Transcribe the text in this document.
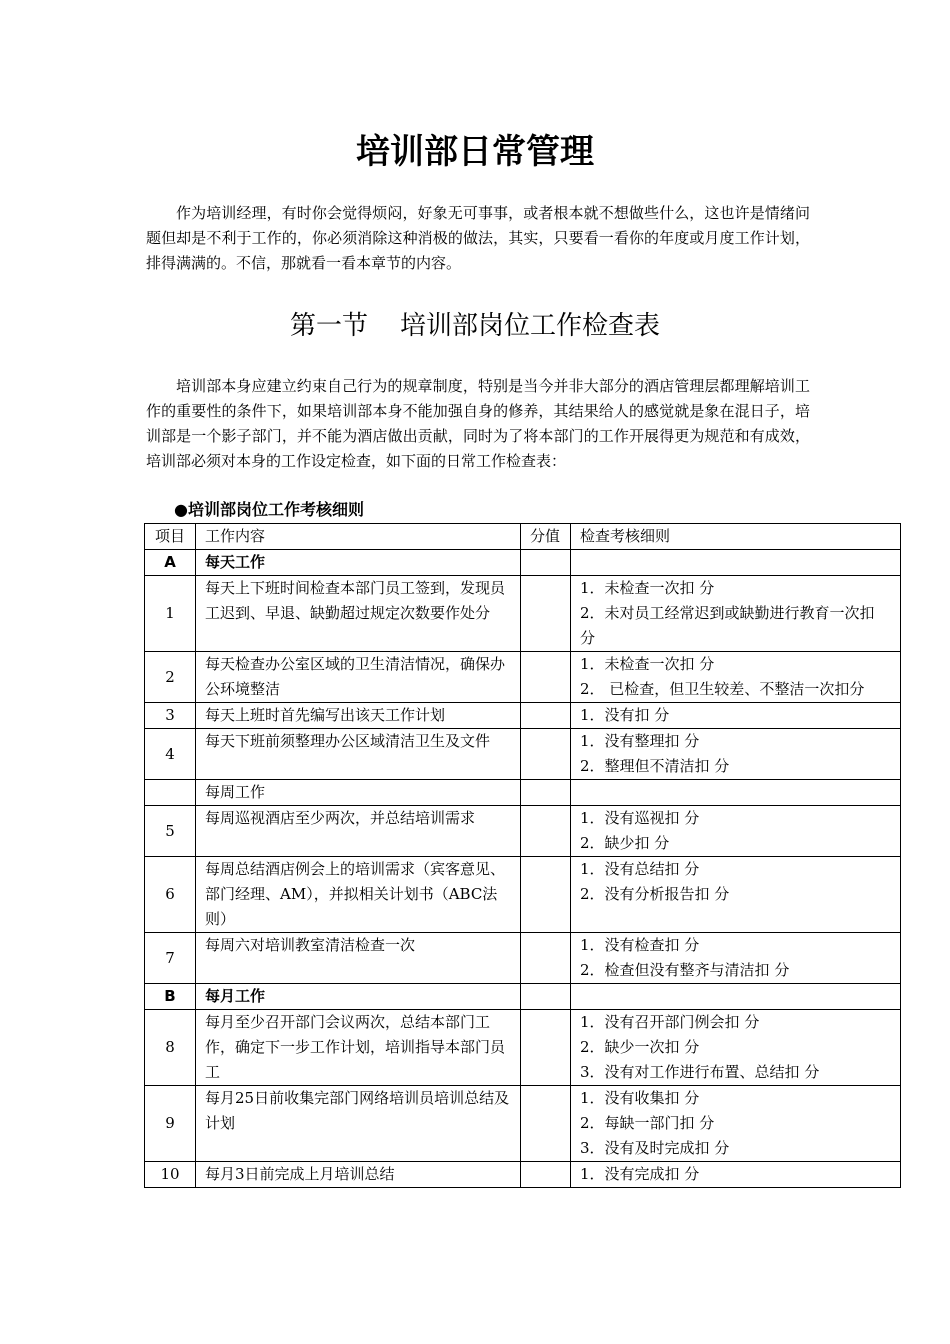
培训部日常管理

作为培训经理，有时你会觉得烦闷，好象无可事事，或者根本就不想做些什么，这也许是情绪问题但却是不利于工作的，你必须消除这种消极的做法，其实，只要看一看你的年度或月度工作计划，排得满满的。不信，那就看一看本章节的内容。

第一节 培训部岗位工作检查表

培训部本身应建立约束自己行为的规章制度，特别是当今并非大部分的酒店管理层都理解培训工作的重要性的条件下，如果培训部本身不能加强自身的修养，其结果给人的感觉就是象在混日子，培训部是一个影子部门，并不能为酒店做出贡献，同时为了将本部门的工作开展得更为规范和有成效，培训部必须对本身的工作设定检查，如下面的日常工作检查表：

●培训部岗位工作考核细则
项目	工作内容	分值	检查考核细则
A	每天工作		
1	每天上下班时间检查本部门员工签到，发现员工迟到、早退、缺勤超过规定次数要作处分		1．未检查一次扣 分
2．未对员工经常迟到或缺勤进行教育一次扣 分

2	每天检查办公室区域的卫生清洁情况，确保办公环境整洁		1．未检查一次扣 分
2． 已检查，但卫生较差、不整洁一次扣分

3	每天上班时首先编写出该天工作计划		1．没有扣 分

4	每天下班前须整理办公区域清洁卫生及文件		1．没有整理扣 分
2．整理但不清洁扣 分

	每周工作		
5	每周巡视酒店至少两次，并总结培训需求		1．没有巡视扣 分
2．缺少扣 分

6	每周总结酒店例会上的培训需求（宾客意见、部门经理、AM），并拟相关计划书（ABC法则）		1．没有总结扣 分
2．没有分析报告扣 分

7	每周六对培训教室清洁检查一次		1．没有检查扣 分
2．检查但没有整齐与清洁扣 分

B	每月工作		
8	每月至少召开部门会议两次，总结本部门工作，确定下一步工作计划，培训指导本部门员工		1．没有召开部门例会扣 分
2．缺少一次扣 分
3．没有对工作进行布置、总结扣 分

9	每月25日前收集完部门网络培训员培训总结及计划		1．没有收集扣 分
2．每缺一部门扣 分
3．没有及时完成扣 分

10	每月3日前完成上月培训总结		1．没有完成扣 分
